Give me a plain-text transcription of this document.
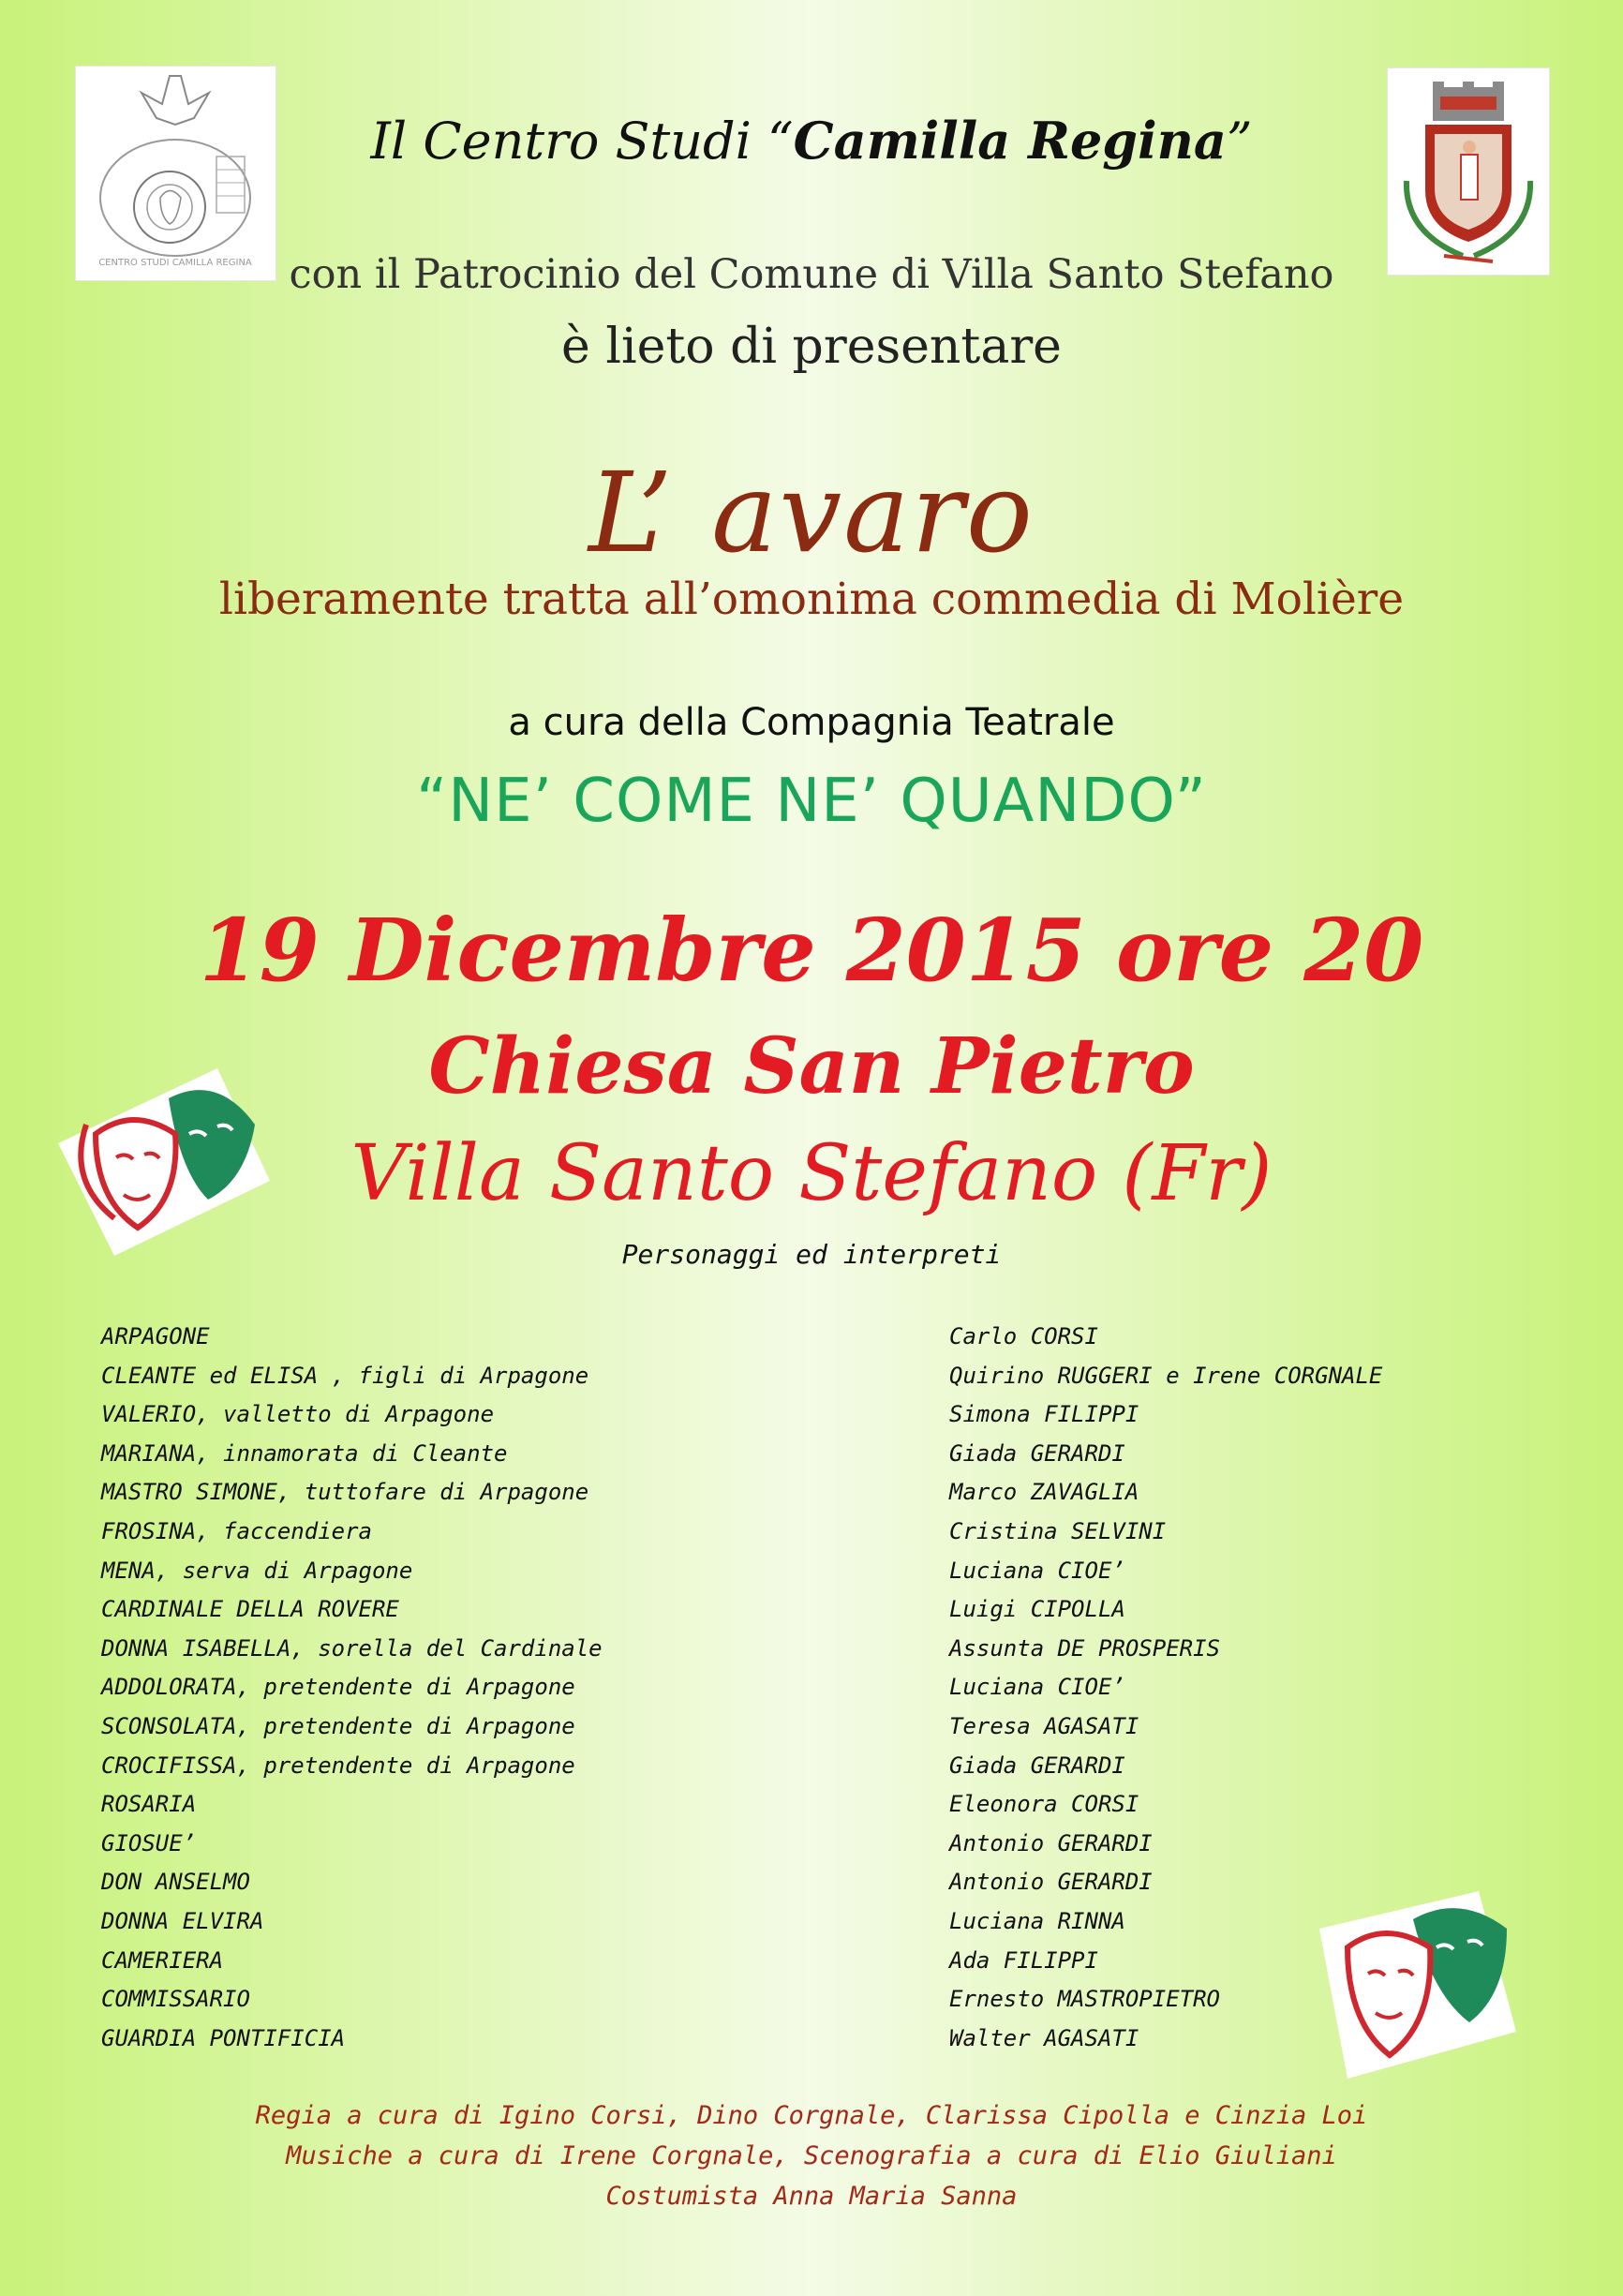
CENTRO STUDI CAMILLA REGINA
Il Centro Studi “Camilla Regina”
con il Patrocinio del Comune di Villa Santo Stefano
è lieto di presentare
L’ avaro
liberamente tratta all’omonima commedia di Molière
a cura della Compagnia Teatrale
“NE’ COME NE’ QUANDO”
19 Dicembre 2015 ore 20
Chiesa San Pietro
Villa Santo Stefano (Fr)
Personaggi ed interpreti
ARPAGONE
CLEANTE ed ELISA , figli di Arpagone
VALERIO, valletto di Arpagone
MARIANA, innamorata di Cleante
MASTRO SIMONE, tuttofare di Arpagone
FROSINA, faccendiera
MENA, serva di Arpagone
CARDINALE DELLA ROVERE
DONNA ISABELLA, sorella del Cardinale
ADDOLORATA, pretendente di Arpagone
SCONSOLATA, pretendente di Arpagone
CROCIFISSA, pretendente di Arpagone
ROSARIA
GIOSUE’
DON ANSELMO
DONNA ELVIRA
CAMERIERA
COMMISSARIO
GUARDIA PONTIFICIA
Carlo CORSI
Quirino RUGGERI e Irene CORGNALE
Simona FILIPPI
Giada GERARDI
Marco ZAVAGLIA
Cristina SELVINI
Luciana CIOE’
Luigi CIPOLLA
Assunta DE PROSPERIS
Luciana CIOE’
Teresa AGASATI
Giada GERARDI
Eleonora CORSI
Antonio GERARDI
Antonio GERARDI
Luciana RINNA
Ada FILIPPI
Ernesto MASTROPIETRO
Walter AGASATI
Regia a cura di Igino Corsi, Dino Corgnale, Clarissa Cipolla e Cinzia Loi
Musiche a cura di Irene Corgnale, Scenografia a cura di Elio Giuliani
Costumista Anna Maria Sanna
